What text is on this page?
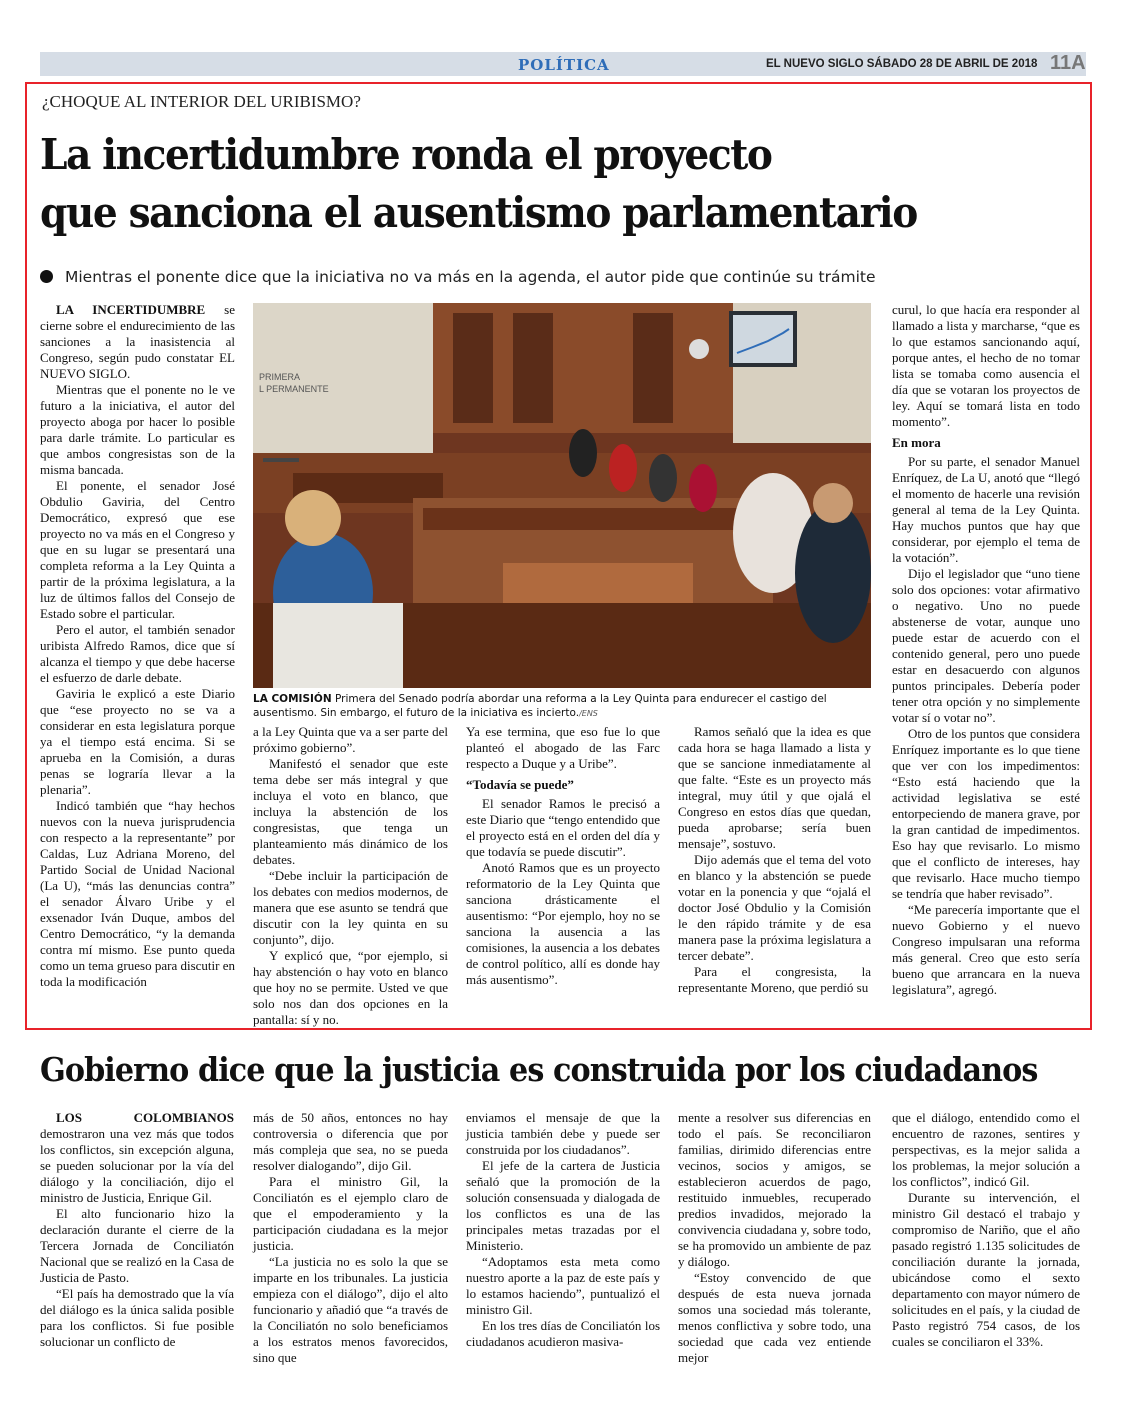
POLÍTICA	EL NUEVO SIGLO SÁBADO 28 DE ABRIL DE 2018 11A
¿CHOQUE AL INTERIOR DEL URIBISMO?
La incertidumbre ronda el proyecto
que sanciona el ausentismo parlamentario
Mientras el ponente dice que la iniciativa no va más en la agenda, el autor pide que continúe su trámite

LA INCERTIDUMBRE se cierne sobre el endurecimiento de las sanciones a la inasistencia al Congreso, según pudo constatar EL NUEVO SIGLO.

Mientras que el ponente no le ve futuro a la iniciativa, el autor del proyecto aboga por hacer lo posible para darle trámite. Lo particular es que ambos congresistas son de la misma bancada.

El ponente, el senador José Obdulio Gaviria, del Centro Democrático, expresó que ese proyecto no va más en el Congreso y que en su lugar se presentará una completa reforma a la Ley Quinta a partir de la próxima legislatura, a la luz de últimos fallos del Consejo de Estado sobre el particular.

Pero el autor, el también senador uribista Alfredo Ramos, dice que sí alcanza el tiempo y que debe hacerse el esfuerzo de darle debate.

Gaviria le explicó a este Diario que “ese proyecto no se va a considerar en esta legislatura porque ya el tiempo está encima. Si se aprueba en la Comisión, a duras penas se lograría llevar a la plenaria”.

Indicó también que “hay hechos nuevos con la nueva jurisprudencia con respecto a la representante” por Caldas, Luz Adriana Moreno, del Partido Social de Unidad Nacional (La U), “más las denuncias contra” el senador Álvaro Uribe y el exsenador Iván Duque, ambos del Centro Democrático, “y la demanda contra mí mismo. Ese punto queda como un tema grueso para discutir en toda la modificación

PRIMERA
L PERMANENTE
LA COMISIÓN Primera del Senado podría abordar una reforma a la Ley Quinta para endurecer el castigo del ausentismo. Sin embargo, el futuro de la iniciativa es incierto./ENS

a la Ley Quinta que va a ser parte del próximo gobierno”.

Manifestó el senador que este tema debe ser más integral y que incluya el voto en blanco, que incluya la abstención de los congresistas, que tenga un planteamiento más dinámico de los debates.

“Debe incluir la participación de los debates con medios modernos, de manera que ese asunto se tendrá que discutir con la ley quinta en su conjunto”, dijo.

Y explicó que, “por ejemplo, si hay abstención o hay voto en blanco que hoy no se permite. Usted ve que solo nos dan dos opciones en la pantalla: sí y no.

Ya ese termina, que eso fue lo que planteó el abogado de las Farc respecto a Duque y a Uribe”.

“Todavía se puede”

El senador Ramos le precisó a este Diario que “tengo entendido que el proyecto está en el orden del día y que todavía se puede discutir”.

Anotó Ramos que es un proyecto reformatorio de la Ley Quinta que sanciona drásticamente el ausentismo: “Por ejemplo, hoy no se sanciona la ausencia a las comisiones, la ausencia a los debates de control político, allí es donde hay más ausentismo”.

Ramos señaló que la idea es que cada hora se haga llamado a lista y que se sancione inmediatamente al que falte. “Este es un proyecto más integral, muy útil y que ojalá el Congreso en estos días que quedan, pueda aprobarse; sería buen mensaje”, sostuvo.

Dijo además que el tema del voto en blanco y la abstención se puede votar en la ponencia y que “ojalá el doctor José Obdulio y la Comisión le den rápido trámite y de esa manera pase la próxima legislatura a tercer debate”.

Para el congresista, la representante Moreno, que perdió su

curul, lo que hacía era responder al llamado a lista y marcharse, “que es lo que estamos sancionando aquí, porque antes, el hecho de no tomar lista se tomaba como ausencia el día que se votaran los proyectos de ley. Aquí se tomará lista en todo momento”.

En mora

Por su parte, el senador Manuel Enríquez, de La U, anotó que “llegó el momento de hacerle una revisión general al tema de la Ley Quinta. Hay muchos puntos que hay que considerar, por ejemplo el tema de la votación”.

Dijo el legislador que “uno tiene solo dos opciones: votar afirmativo o negativo. Uno no puede abstenerse de votar, aunque uno puede estar de acuerdo con el contenido general, pero uno puede estar en desacuerdo con algunos puntos principales. Debería poder tener otra opción y no simplemente votar sí o votar no”.

Otro de los puntos que considera Enríquez importante es lo que tiene que ver con los impedimentos: “Esto está haciendo que la actividad legislativa se esté entorpeciendo de manera grave, por la gran cantidad de impedimentos. Eso hay que revisarlo. Lo mismo que el conflicto de intereses, hay que revisarlo. Hace mucho tiempo se tendría que haber revisado”.

“Me parecería importante que el nuevo Gobierno y el nuevo Congreso impulsaran una reforma más general. Creo que esto sería bueno que arrancara en la nueva legislatura”, agregó.

Gobierno dice que la justicia es construida por los ciudadanos

LOS COLOMBIANOS demostraron una vez más que todos los conflictos, sin excepción alguna, se pueden solucionar por la vía del diálogo y la conciliación, dijo el ministro de Justicia, Enrique Gil.

El alto funcionario hizo la declaración durante el cierre de la Tercera Jornada de Conciliatón Nacional que se realizó en la Casa de Justicia de Pasto.

“El país ha demostrado que la vía del diálogo es la única salida posible para los conflictos. Si fue posible solucionar un conflicto de

más de 50 años, entonces no hay controversia o diferencia que por más compleja que sea, no se pueda resolver dialogando”, dijo Gil.

Para el ministro Gil, la Conciliatón es el ejemplo claro de que el empoderamiento y la participación ciudadana es la mejor justicia.

“La justicia no es solo la que se imparte en los tribunales. La justicia empieza con el diálogo”, dijo el alto funcionario y añadió que “a través de la Conciliatón no solo beneficiamos a los estratos menos favorecidos, sino que

enviamos el mensaje de que la justicia también debe y puede ser construida por los ciudadanos”.

El jefe de la cartera de Justicia señaló que la promoción de la solución consensuada y dialogada de los conflictos es una de las principales metas trazadas por el Ministerio.

“Adoptamos esta meta como nuestro aporte a la paz de este país y lo estamos haciendo”, puntualizó el ministro Gil.

En los tres días de Conciliatón los ciudadanos acudieron masiva-

mente a resolver sus diferencias en todo el país. Se reconciliaron familias, dirimido diferencias entre vecinos, socios y amigos, se establecieron acuerdos de pago, restituido inmuebles, recuperado predios invadidos, mejorado la convivencia ciudadana y, sobre todo, se ha promovido un ambiente de paz y diálogo.

“Estoy convencido de que después de esta nueva jornada somos una sociedad más tolerante, menos conflictiva y sobre todo, una sociedad que cada vez entiende mejor

que el diálogo, entendido como el encuentro de razones, sentires y perspectivas, es la mejor salida a los problemas, la mejor solución a los conflictos”, indicó Gil.

Durante su intervención, el ministro Gil destacó el trabajo y compromiso de Nariño, que el año pasado registró 1.135 solicitudes de conciliación durante la jornada, ubicándose como el sexto departamento con mayor número de solicitudes en el país, y la ciudad de Pasto registró 754 casos, de los cuales se conciliaron el 33%.
